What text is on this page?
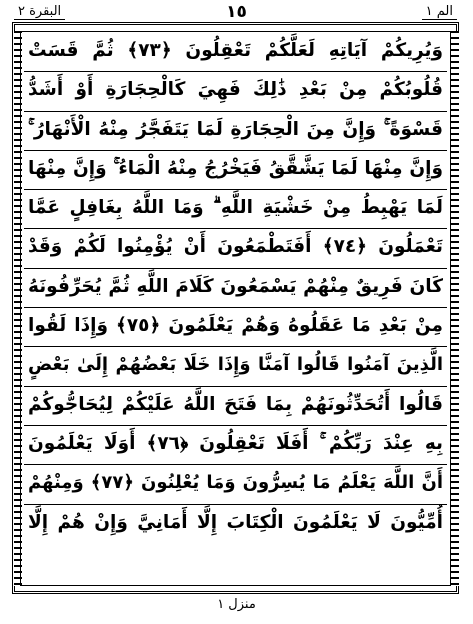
البقرة ٢	١٥	الم ١
وَيُرِيكُمْ آيَاتِهِ لَعَلَّكُمْ تَعْقِلُونَ ﴿٧٣﴾ ثُمَّ قَسَتْ
قُلُوبُكُمْ مِنْ بَعْدِ ذَٰلِكَ فَهِيَ كَالْحِجَارَةِ أَوْ أَشَدُّ
قَسْوَةً ۚ وَإِنَّ مِنَ الْحِجَارَةِ لَمَا يَتَفَجَّرُ مِنْهُ الْأَنْهَارُ ۚ
وَإِنَّ مِنْهَا لَمَا يَشَّقَّقُ فَيَخْرُجُ مِنْهُ الْمَاءُ ۚ وَإِنَّ مِنْهَا
لَمَا يَهْبِطُ مِنْ خَشْيَةِ اللَّهِ ۗ وَمَا اللَّهُ بِغَافِلٍ عَمَّا
تَعْمَلُونَ ﴿٧٤﴾ أَفَتَطْمَعُونَ أَنْ يُؤْمِنُوا لَكُمْ وَقَدْ
كَانَ فَرِيقٌ مِنْهُمْ يَسْمَعُونَ كَلَامَ اللَّهِ ثُمَّ يُحَرِّفُونَهُ
مِنْ بَعْدِ مَا عَقَلُوهُ وَهُمْ يَعْلَمُونَ ﴿٧٥﴾ وَإِذَا لَقُوا
الَّذِينَ آمَنُوا قَالُوا آمَنَّا وَإِذَا خَلَا بَعْضُهُمْ إِلَىٰ بَعْضٍ
قَالُوا أَتُحَدِّثُونَهُمْ بِمَا فَتَحَ اللَّهُ عَلَيْكُمْ لِيُحَاجُّوكُمْ
بِهِ عِنْدَ رَبِّكُمْ ۚ أَفَلَا تَعْقِلُونَ ﴿٧٦﴾ أَوَلَا يَعْلَمُونَ
أَنَّ اللَّهَ يَعْلَمُ مَا يُسِرُّونَ وَمَا يُعْلِنُونَ ﴿٧٧﴾ وَمِنْهُمْ
أُمِّيُّونَ لَا يَعْلَمُونَ الْكِتَابَ إِلَّا أَمَانِيَّ وَإِنْ هُمْ إِلَّا
منزل ١
